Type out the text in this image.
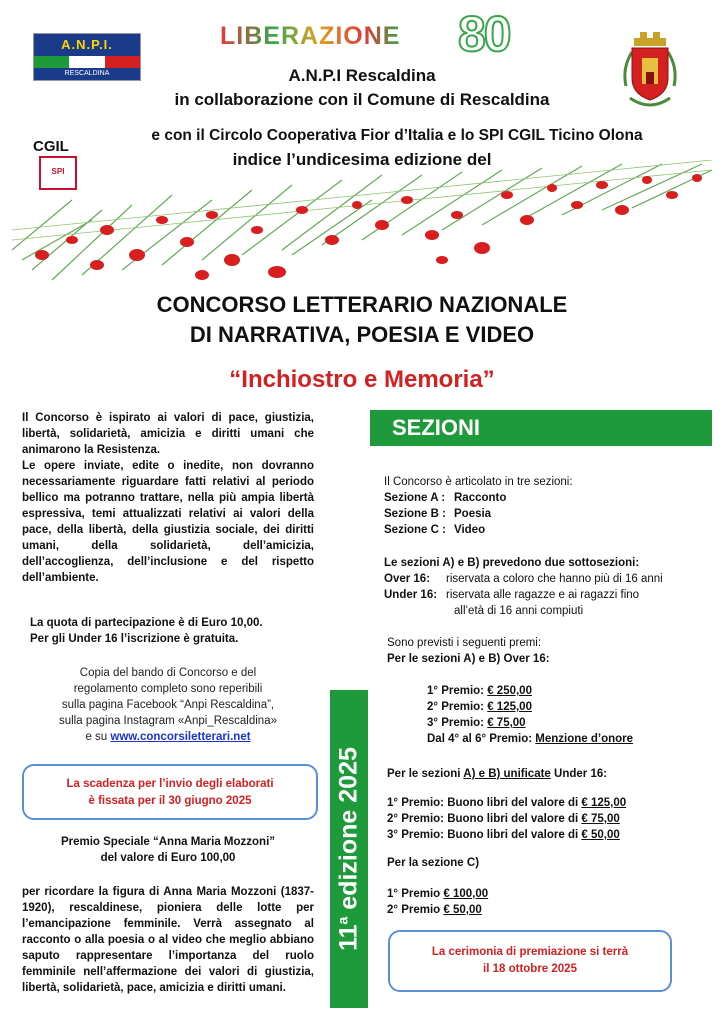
A.N.P.I.
RESCALDINA
LIBERAZIONE 80
CGIL
SPI
A.N.P.I Rescaldina
in collaborazione con il Comune di Rescaldina
e con il Circolo Cooperativa Fior d’Italia e lo SPI CGIL Ticino Olona
indice l’undicesima edizione del
CONCORSO LETTERARIO NAZIONALE
DI NARRATIVA, POESIA E VIDEO
“Inchiostro e Memoria”
Il Concorso è ispirato ai valori di pace, giustizia, libertà, solidarietà, amicizia e diritti umani che animarono la Resistenza.
Le opere inviate, edite o inedite, non dovranno necessariamente riguardare fatti relativi al periodo bellico ma potranno trattare, nella più ampia libertà espressiva, temi attualizzati relativi ai valori della pace, della libertà, della giustizia sociale, dei diritti umani, della solidarietà, dell’amicizia, dell’accoglienza, dell’inclusione e del rispetto dell’ambiente.
La quota di partecipazione è di Euro 10,00.
Per gli Under 16 l’iscrizione è gratuita.
Copia del bando di Concorso e del
regolamento completo sono reperibili
sulla pagina Facebook “Anpi Rescaldina”,
sulla pagina Instagram «Anpi_Rescaldina»
e su www.concorsiletterari.net
La scadenza per l’invio degli elaborati
è fissata per il 30 giugno 2025
Premio Speciale “Anna Maria Mozzoni”
del valore di Euro 100,00
per ricordare la figura di Anna Maria Mozzoni (1837-1920), rescaldinese, pioniera delle lotte per l’emancipazione femminile. Verrà assegnato al racconto o alla poesia o al video che meglio abbiano saputo rappresentare l’importanza del ruolo femminile nell’affermazione dei valori di giustizia, libertà, solidarietà, pace, amicizia e diritti umani.
11$^a$ edizione 2025
SEZIONI
Il Concorso è articolato in tre sezioni:
Sezione A : Racconto
Sezione B : Poesia
Sezione C : Video
Le sezioni A) e B) prevedono due sottosezioni:
Over 16:	riservata a coloro che hanno più di 16 anni
Under 16: riservata alle ragazze e ai ragazzi fino
all’età di 16 anni compiuti
Sono previsti i seguenti premi:
Per le sezioni A) e B) Over 16:
1° Premio: € 250,00
2° Premio: € 125,00
3° Premio: € 75,00
Dal 4° al 6° Premio: Menzione d’onore
Per le sezioni A) e B) unificate Under 16:
1° Premio: Buono libri del valore di € 125,00
2° Premio: Buono libri del valore di € 75,00
3° Premio: Buono libri del valore di € 50,00
Per la sezione C)
1° Premio € 100,00
2° Premio € 50,00
La cerimonia di premiazione si terrà
il 18 ottobre 2025
